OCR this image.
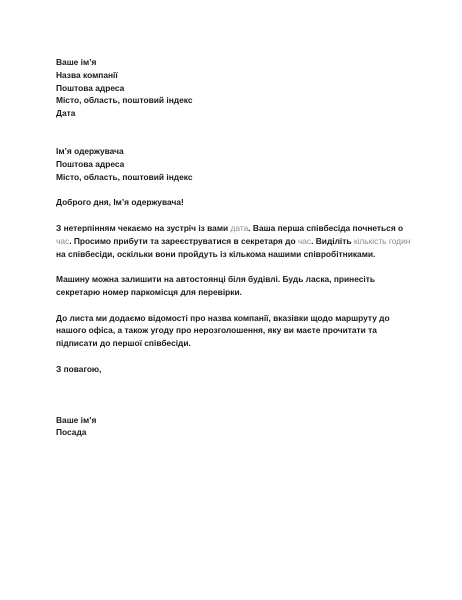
Ваше ім’я
Назва компанії
Поштова адреса
Місто, область, поштовий індекс
Дата
Ім’я одержувача
Поштова адреса
Місто, область, поштовий індекс

Доброго дня, Ім’я одержувача!

З нетерпінням чекаємо на зустріч із вами дата. Ваша перша співбесіда почнеться о час. Просимо прибути та зареєструватися в секретаря до час. Виділіть кількість годин на співбесіди, оскільки вони пройдуть із кількома нашими співробітниками.

Машину можна залишити на автостоянці біля будівлі. Будь ласка, принесіть секретарю номер паркомісця для перевірки.

До листа ми додаємо відомості про назва компанії, вказівки щодо маршруту до нашого офіса, а також угоду про нерозголошення, яку ви маєте прочитати та підписати до першої співбесіди.

З повагою,

Ваше ім’я
Посада
